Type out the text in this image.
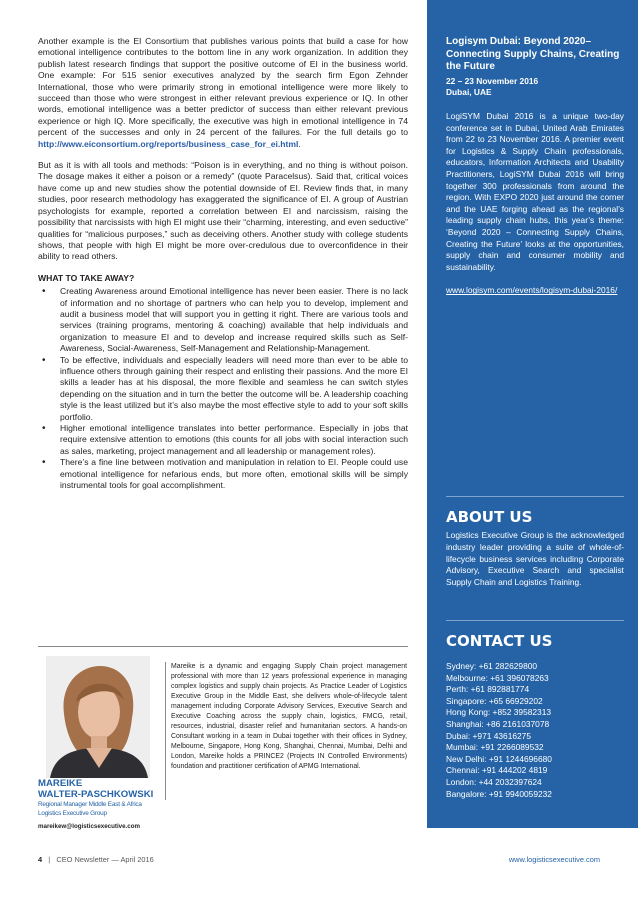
Another example is the EI Consortium that publishes various points that build a case for how emotional intelligence contributes to the bottom line in any work organization. In addition they publish latest research findings that support the positive outcome of EI in the business world. One example: For 515 senior executives analyzed by the search firm Egon Zehnder International, those who were primarily strong in emotional intelligence were more likely to succeed than those who were strongest in either relevant previous experience or IQ. In other words, emotional intelligence was a better predictor of success than either relevant previous experience or high IQ. More specifically, the executive was high in emotional intelligence in 74 percent of the successes and only in 24 percent of the failures. For the full details go to http://www.eiconsortium.org/reports/business_case_for_ei.html.

But as it is with all tools and methods: “Poison is in everything, and no thing is without poison. The dosage makes it either a poison or a remedy” (quote Paracelsus). Said that, critical voices have come up and new studies show the potential downside of EI. Review finds that, in many studies, poor research methodology has exaggerated the significance of EI. A group of Austrian psychologists for example, reported a correlation between EI and narcissism, raising the possibility that narcissists with high EI might use their “charming, interesting, and even seductive” qualities for “malicious purposes,” such as deceiving others. Another study with college students shows, that people with high EI might be more over-credulous due to overconfidence in their ability to read others.

WHAT TO TAKE AWAY?
• Creating Awareness around Emotional intelligence has never been easier. There is no lack of information and no shortage of partners who can help you to develop, implement and audit a business model that will support you in getting it right. There are various tools and services (training programs, mentoring & coaching) available that help individuals and organization to measure EI and to develop and increase required skills such as Self-Awareness, Social-Awareness, Self-Management and Relationship-Management.
• To be effective, individuals and especially leaders will need more than ever to be able to influence others through gaining their respect and enlisting their passions. And the more EI skills a leader has at his disposal, the more flexible and seamless he can switch styles depending on the situation and in turn the better the outcome will be. A leadership coaching style is the least utilized but it’s also maybe the most effective style to add to your soft skills portfolio.
• Higher emotional intelligence translates into better performance. Especially in jobs that require extensive attention to emotions (this counts for all jobs with social interaction such as sales, marketing, project management and all leadership or management roles).
• There’s a fine line between motivation and manipulation in relation to EI. People could use emotional intelligence for nefarious ends, but more often, emotional skills will be simply instrumental tools for goal accomplishment.

MAREIKE

WALTER-PASCHKOWSKI

Regional Manager Middle East & Africa

Logistics Executive Group

mareikew@logisticsexecutive.com

Mareike is a dynamic and engaging Supply Chain project management professional with more than 12 years professional experience in managing complex logistics and supply chain projects. As Practice Leader of Logistics Executive Group in the Middle East, she delivers whole-of-lifecycle talent management including Corporate Advisory Services, Executive Search and Executive Coaching across the supply chain, logistics, FMCG, retail, resources, industrial, disaster relief and humanitarian sectors. A hands-on Consultant working in a team in Dubai together with their offices in Sydney, Melbourne, Singapore, Hong Kong, Shanghai, Chennai, Mumbai, Delhi and London, Mareike holds a PRINCE2 (Projects IN Controlled Environments) foundation and practitioner certification of APMG International.

Logisym Dubai: Beyond 2020– Connecting Supply Chains, Creating the Future

22 – 23 November 2016

Dubai, UAE

LogiSYM Dubai 2016 is a unique two-day conference set in Dubai, United Arab Emirates from 22 to 23 November 2016. A premier event for Logistics & Supply Chain professionals, educators, Information Architects and Usability Practitioners, LogiSYM Dubai 2016 will bring together 300 professionals from around the region. With EXPO 2020 just around the corner and the UAE forging ahead as the regional’s leading supply chain hubs, this year’s theme: ‘Beyond 2020 – Connecting Supply Chains, Creating the Future’ looks at the opportunities, supply chain and consumer mobility and sustainability.

www.logisym.com/events/logisym-dubai-2016/
ABOUT US
Logistics Executive Group is the acknowledged industry leader providing a suite of whole-of-lifecycle business services including Corporate Advisory, Executive Search and specialist Supply Chain and Logistics Training.
CONTACT US
Sydney: +61 282629800
Melbourne: +61 396078263
Perth: +61 892881774
Singapore: +65 66929202
Hong Kong: +852 39582313
Shanghai: +86 2161037078
Dubai: +971 43616275
Mumbai: +91 2266089532
New Delhi: +91 1244696680
Chennai: +91 444202 4819
London: +44 2032397624
Bangalore: +91 9940059232
4 | CEO Newsletter — April 2016	www.logisticsexecutive.com
